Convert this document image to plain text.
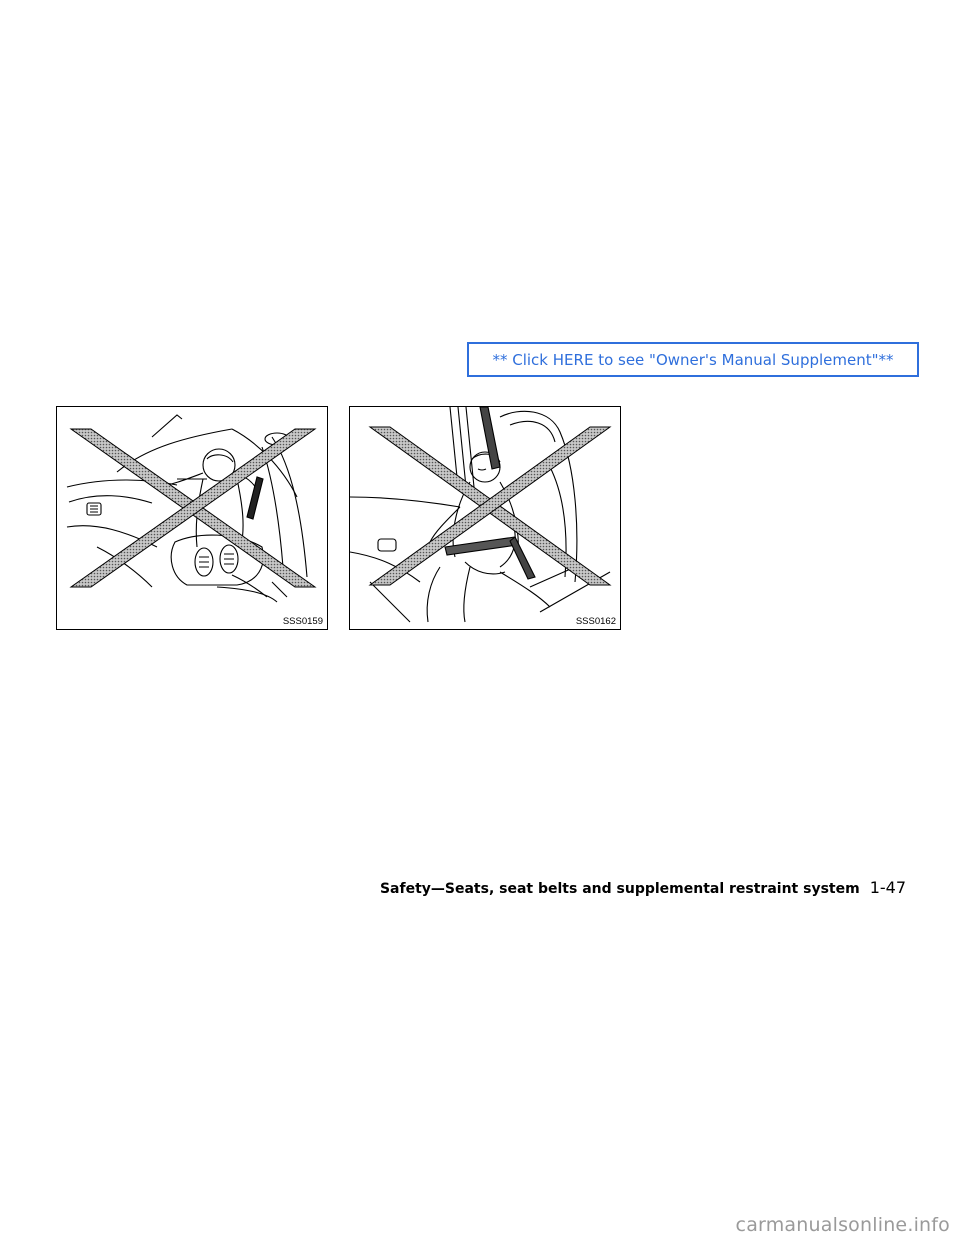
** Click HERE to see "Owner's Manual Supplement"**
SSS0159	SSS0162
Safety—Seats, seat belts and supplemental restraint system 1-47
carmanualsonline.info
